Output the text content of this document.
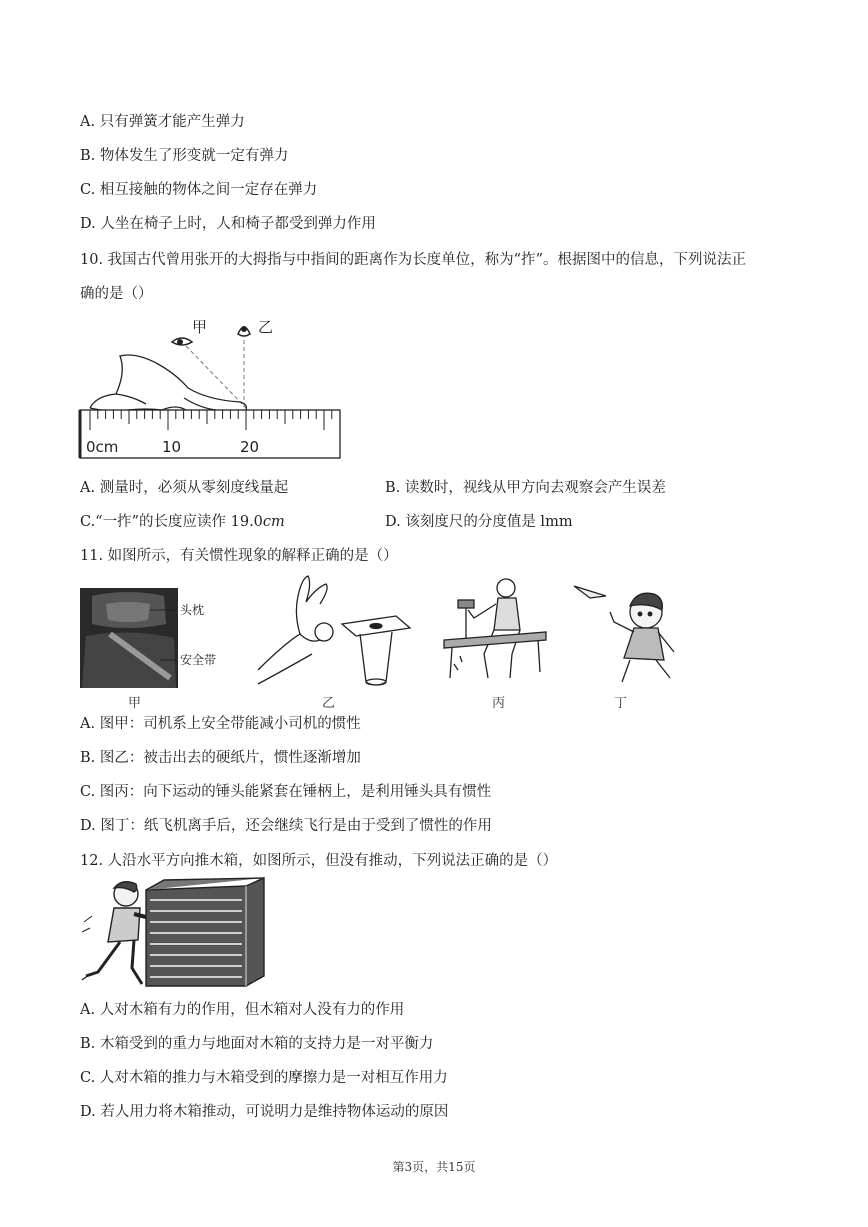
A. 只有弹簧才能产生弹力
B. 物体发生了形变就一定有弹力
C. 相互接触的物体之间一定存在弹力
D. 人坐在椅子上时，人和椅子都受到弹力作用
10. 我国古代曾用张开的大拇指与中指间的距离作为长度单位，称为“拃”。根据图中的信息，下列说法正
确的是（）
甲	乙
0cm	10	20
A. 测量时，必须从零刻度线量起	B. 读数时，视线从甲方向去观察会产生误差
C.“一拃”的长度应读作 19.0cm	D. 该刻度尺的分度值是 lmm
11. 如图所示，有关惯性现象的解释正确的是（）
头枕
安全带
甲	乙	丙	丁
A. 图甲：司机系上安全带能减小司机的惯性
B. 图乙：被击出去的硬纸片，惯性逐渐增加
C. 图丙：向下运动的锤头能紧套在锤柄上，是利用锤头具有惯性
D. 图丁：纸飞机离手后，还会继续飞行是由于受到了惯性的作用
12. 人沿水平方向推木箱，如图所示，但没有推动，下列说法正确的是（）
A. 人对木箱有力的作用，但木箱对人没有力的作用
B. 木箱受到的重力与地面对木箱的支持力是一对平衡力
C. 人对木箱的推力与木箱受到的摩擦力是一对相互作用力
D. 若人用力将木箱推动，可说明力是维持物体运动的原因
第3页，共15页
